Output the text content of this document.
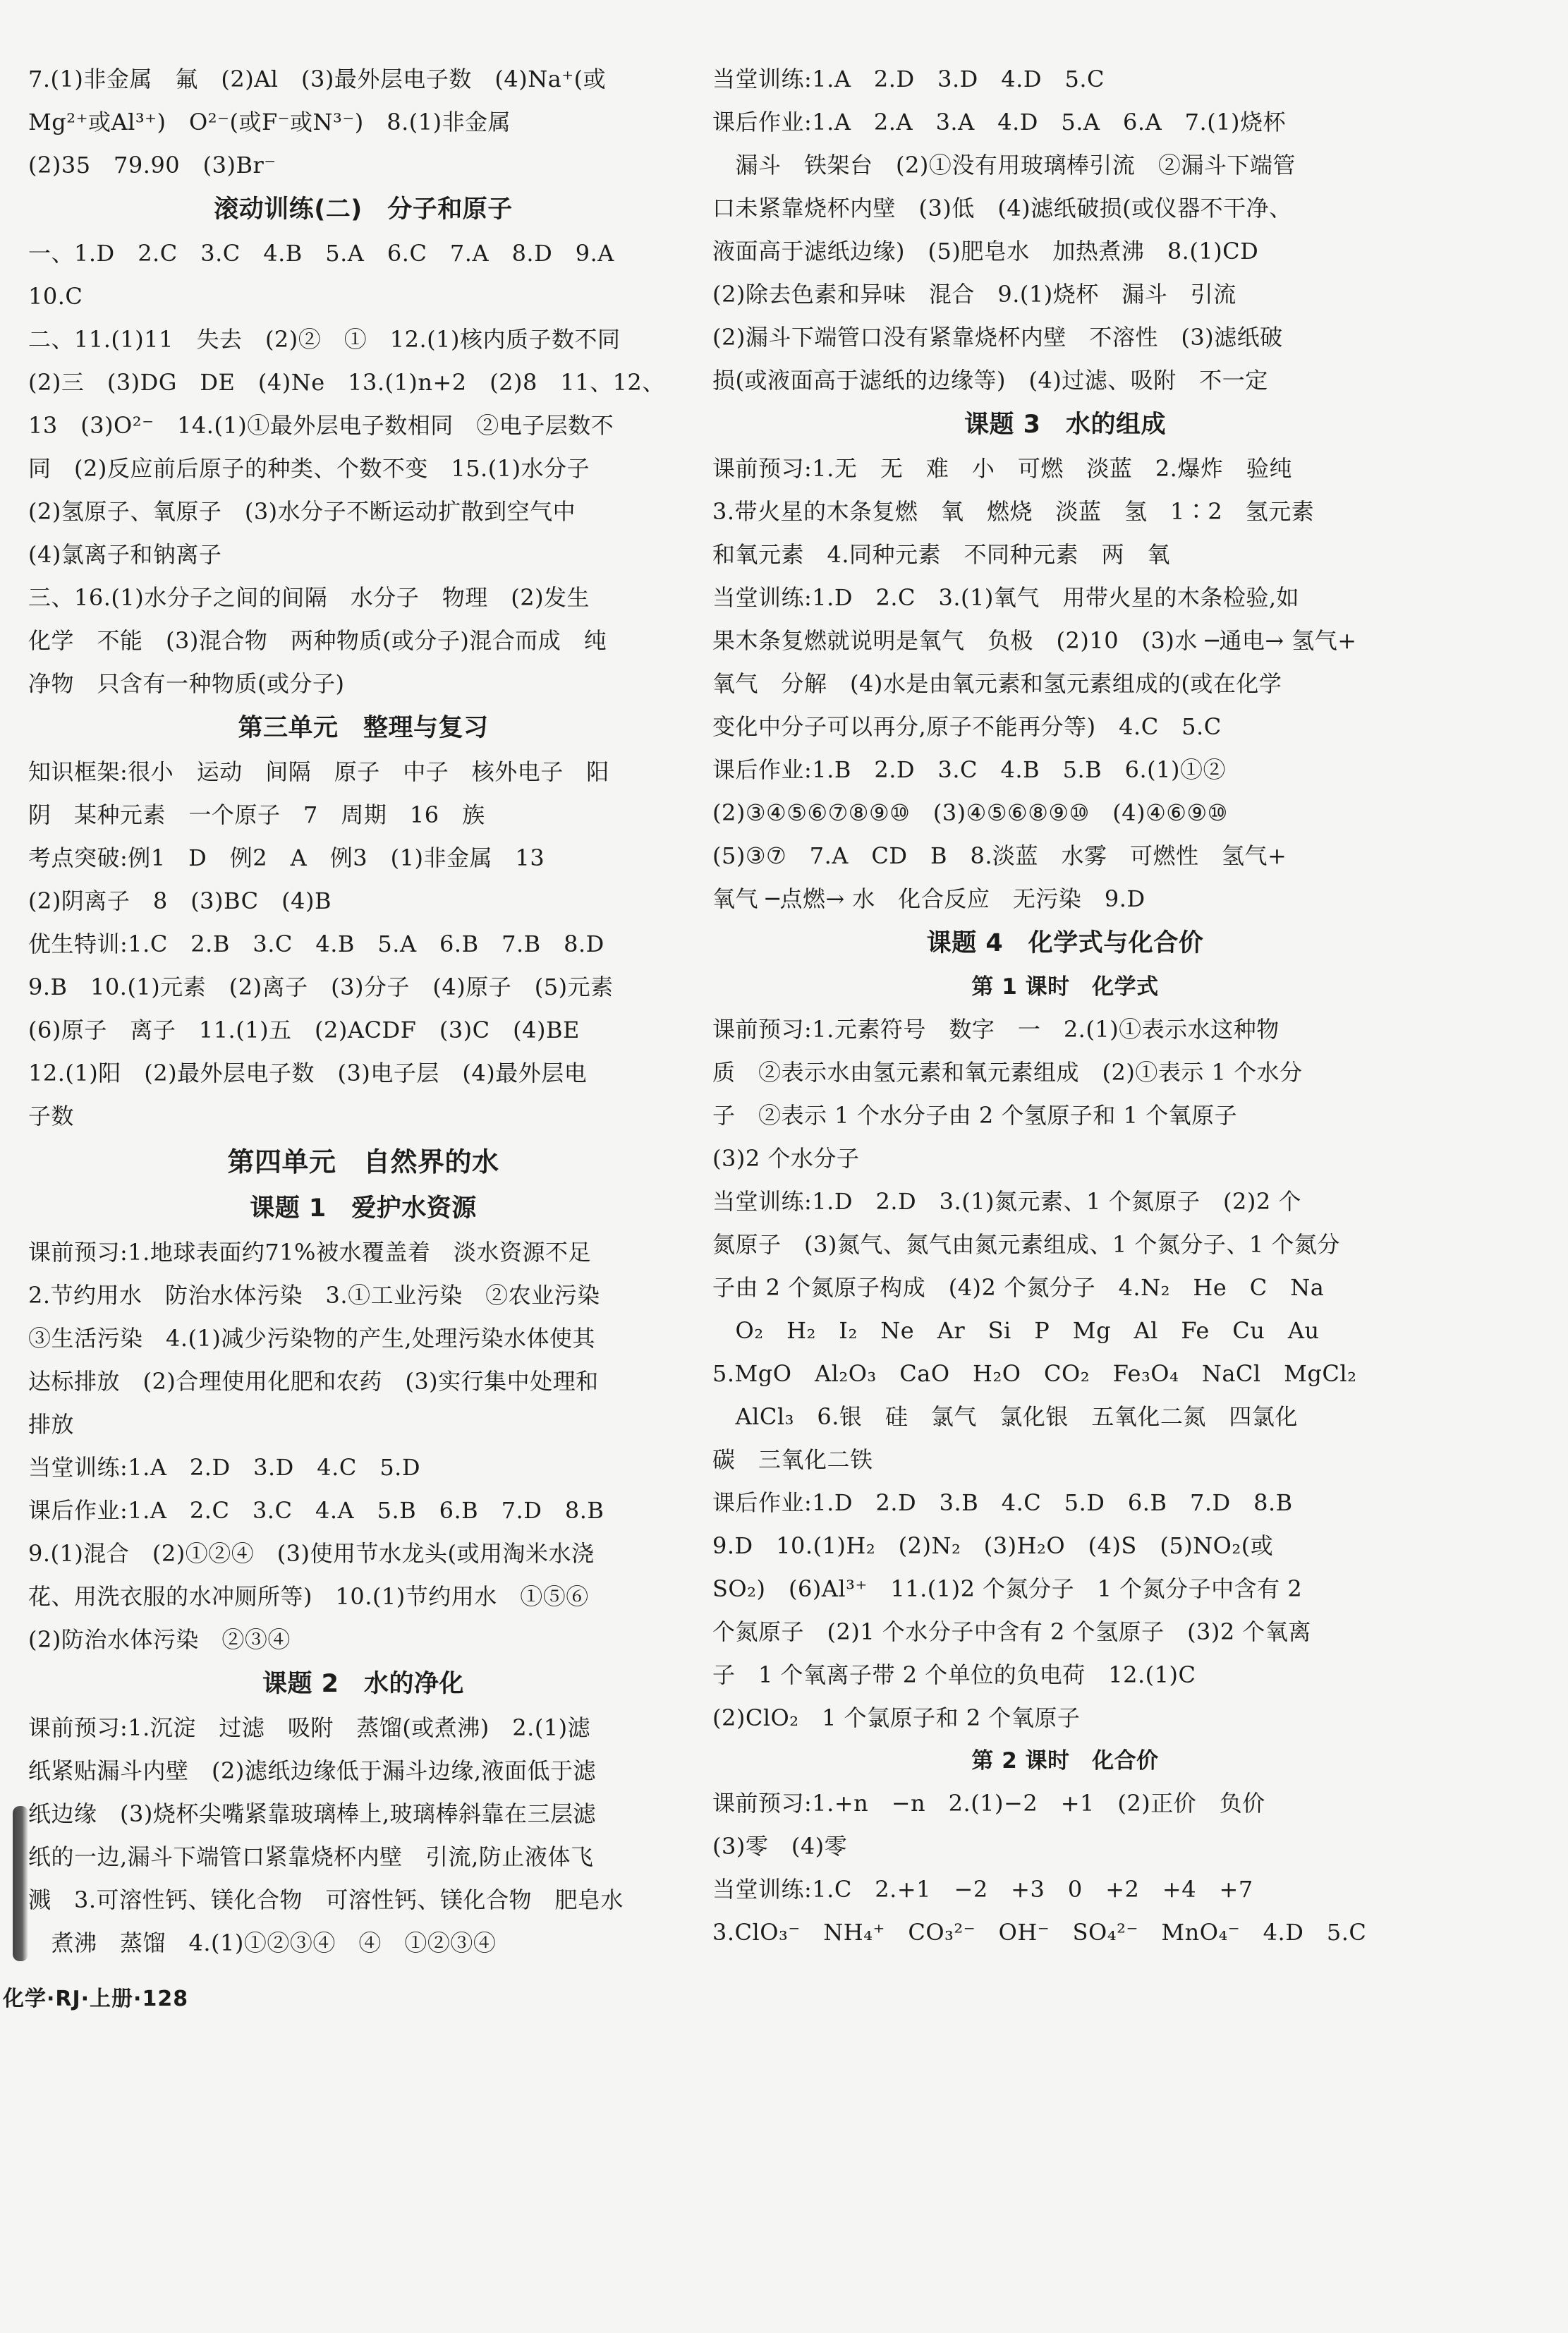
7.(1)非金属　氟　(2)Al　(3)最外层电子数　(4)Na⁺(或
Mg²⁺或Al³⁺)　O²⁻(或F⁻或N³⁻)　8.(1)非金属
(2)35　79.90　(3)Br⁻
滚动训练(二)　分子和原子
一、1.D　2.C　3.C　4.B　5.A　6.C　7.A　8.D　9.A
10.C
二、11.(1)11　失去　(2)②　①　12.(1)核内质子数不同
(2)三　(3)DG　DE　(4)Ne　13.(1)n+2　(2)8　11、12、
13　(3)O²⁻　14.(1)①最外层电子数相同　②电子层数不
同　(2)反应前后原子的种类、个数不变　15.(1)水分子
(2)氢原子、氧原子　(3)水分子不断运动扩散到空气中
(4)氯离子和钠离子
三、16.(1)水分子之间的间隔　水分子　物理　(2)发生
化学　不能　(3)混合物　两种物质(或分子)混合而成　纯
净物　只含有一种物质(或分子)
第三单元　整理与复习
知识框架:很小　运动　间隔　原子　中子　核外电子　阳
阴　某种元素　一个原子　7　周期　16　族
考点突破:例1　D　例2　A　例3　(1)非金属　13
(2)阴离子　8　(3)BC　(4)B
优生特训:1.C　2.B　3.C　4.B　5.A　6.B　7.B　8.D
9.B　10.(1)元素　(2)离子　(3)分子　(4)原子　(5)元素
(6)原子　离子　11.(1)五　(2)ACDF　(3)C　(4)BE
12.(1)阳　(2)最外层电子数　(3)电子层　(4)最外层电
子数
第四单元　自然界的水
课题 1　爱护水资源
课前预习:1.地球表面约71%被水覆盖着　淡水资源不足
2.节约用水　防治水体污染　3.①工业污染　②农业污染
③生活污染　4.(1)减少污染物的产生,处理污染水体使其
达标排放　(2)合理使用化肥和农药　(3)实行集中处理和
排放
当堂训练:1.A　2.D　3.D　4.C　5.D
课后作业:1.A　2.C　3.C　4.A　5.B　6.B　7.D　8.B
9.(1)混合　(2)①②④　(3)使用节水龙头(或用淘米水浇
花、用洗衣服的水冲厕所等)　10.(1)节约用水　①⑤⑥
(2)防治水体污染　②③④
课题 2　水的净化
课前预习:1.沉淀　过滤　吸附　蒸馏(或煮沸)　2.(1)滤
纸紧贴漏斗内壁　(2)滤纸边缘低于漏斗边缘,液面低于滤
纸边缘　(3)烧杯尖嘴紧靠玻璃棒上,玻璃棒斜靠在三层滤
纸的一边,漏斗下端管口紧靠烧杯内壁　引流,防止液体飞
溅　3.可溶性钙、镁化合物　可溶性钙、镁化合物　肥皂水
　煮沸　蒸馏　4.(1)①②③④　④　①②③④
当堂训练:1.A　2.D　3.D　4.D　5.C
课后作业:1.A　2.A　3.A　4.D　5.A　6.A　7.(1)烧杯
　漏斗　铁架台　(2)①没有用玻璃棒引流　②漏斗下端管
口未紧靠烧杯内壁　(3)低　(4)滤纸破损(或仪器不干净、
液面高于滤纸边缘)　(5)肥皂水　加热煮沸　8.(1)CD
(2)除去色素和异味　混合　9.(1)烧杯　漏斗　引流
(2)漏斗下端管口没有紧靠烧杯内壁　不溶性　(3)滤纸破
损(或液面高于滤纸的边缘等)　(4)过滤、吸附　不一定
课题 3　水的组成
课前预习:1.无　无　难　小　可燃　淡蓝　2.爆炸　验纯
3.带火星的木条复燃　氧　燃烧　淡蓝　氢　1∶2　氢元素
和氧元素　4.同种元素　不同种元素　两　氧
当堂训练:1.D　2.C　3.(1)氧气　用带火星的木条检验,如
果木条复燃就说明是氧气　负极　(2)10　(3)水 ─通电→ 氢气+
氧气　分解　(4)水是由氧元素和氢元素组成的(或在化学
变化中分子可以再分,原子不能再分等)　4.C　5.C
课后作业:1.B　2.D　3.C　4.B　5.B　6.(1)①②
(2)③④⑤⑥⑦⑧⑨⑩　(3)④⑤⑥⑧⑨⑩　(4)④⑥⑨⑩
(5)③⑦　7.A　CD　B　8.淡蓝　水雾　可燃性　氢气+
氧气 ─点燃→ 水　化合反应　无污染　9.D
课题 4　化学式与化合价
第 1 课时　化学式
课前预习:1.元素符号　数字　一　2.(1)①表示水这种物
质　②表示水由氢元素和氧元素组成　(2)①表示 1 个水分
子　②表示 1 个水分子由 2 个氢原子和 1 个氧原子
(3)2 个水分子
当堂训练:1.D　2.D　3.(1)氮元素、1 个氮原子　(2)2 个
氮原子　(3)氮气、氮气由氮元素组成、1 个氮分子、1 个氮分
子由 2 个氮原子构成　(4)2 个氮分子　4.N₂　He　C　Na
　O₂　H₂　I₂　Ne　Ar　Si　P　Mg　Al　Fe　Cu　Au
5.MgO　Al₂O₃　CaO　H₂O　CO₂　Fe₃O₄　NaCl　MgCl₂
　AlCl₃　6.银　硅　氯气　氯化银　五氧化二氮　四氯化
碳　三氧化二铁
课后作业:1.D　2.D　3.B　4.C　5.D　6.B　7.D　8.B
9.D　10.(1)H₂　(2)N₂　(3)H₂O　(4)S　(5)NO₂(或
SO₂)　(6)Al³⁺　11.(1)2 个氮分子　1 个氮分子中含有 2
个氮原子　(2)1 个水分子中含有 2 个氢原子　(3)2 个氧离
子　1 个氧离子带 2 个单位的负电荷　12.(1)C
(2)ClO₂　1 个氯原子和 2 个氧原子
第 2 课时　化合价
课前预习:1.+n　−n　2.(1)−2　+1　(2)正价　负价
(3)零　(4)零
当堂训练:1.C　2.+1　−2　+3　0　+2　+4　+7
3.ClO₃⁻　NH₄⁺　CO₃²⁻　OH⁻　SO₄²⁻　MnO₄⁻　4.D　5.C
化学·RJ·上册·128
